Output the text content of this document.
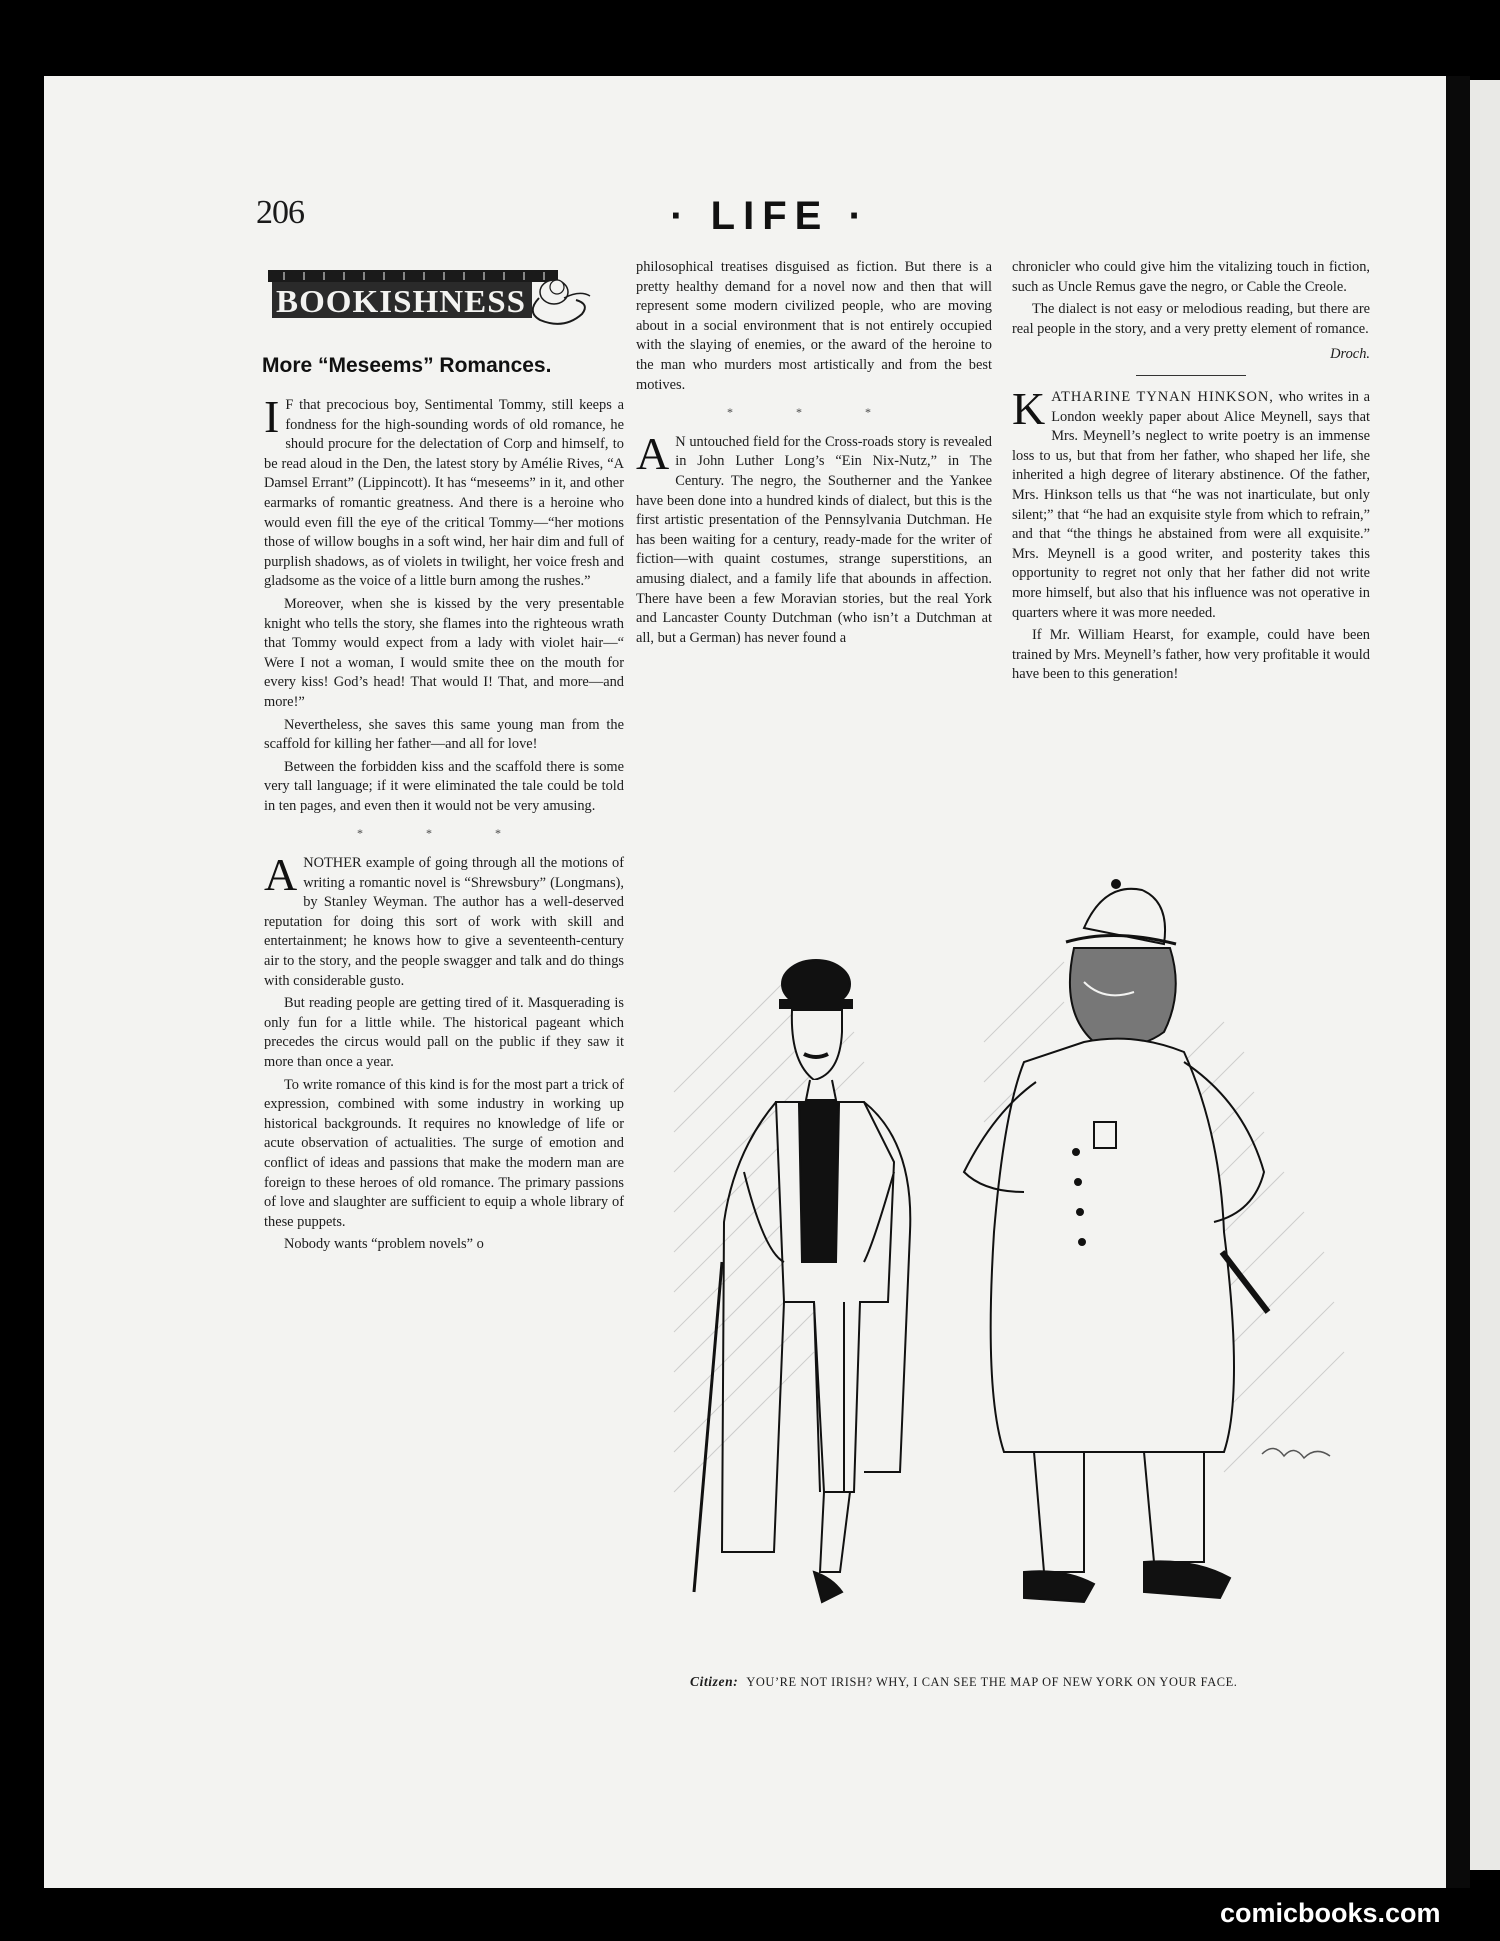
206	· LIFE ·
BOOKISHNESS
More “Meseems” Romances.

I F that precocious boy, Sentimental Tommy, still keeps a fondness for the high-sounding words of old romance, he should procure for the delectation of Corp and himself, to be read aloud in the Den, the latest story by Amélie Rives, “A Damsel Errant” (Lippincott). It has “meseems” in it, and other earmarks of romantic greatness. And there is a heroine who would even fill the eye of the critical Tommy—“her motions those of willow boughs in a soft wind, her hair dim and full of purplish shadows, as of violets in twilight, her voice fresh and gladsome as the voice of a little burn among the rushes.”

Moreover, when she is kissed by the very presentable knight who tells the story, she flames into the righteous wrath that Tommy would expect from a lady with violet hair—“ Were I not a woman, I would smite thee on the mouth for every kiss! God’s head! That would I! That, and more—and more!”

Nevertheless, she saves this same young man from the scaffold for killing her father—and all for love!

Between the forbidden kiss and the scaffold there is some very tall language; if it were eliminated the tale could be told in ten pages, and even then it would not be very amusing.

* * *

ANOTHER example of going through all the motions of writing a romantic novel is “Shrewsbury” (Longmans), by Stanley Weyman. The author has a well-deserved reputation for doing this sort of work with skill and entertainment; he knows how to give a seventeenth-century air to the story, and the people swagger and talk and do things with considerable gusto.

But reading people are getting tired of it. Masquerading is only fun for a little while. The historical pageant which precedes the circus would pall on the public if they saw it more than once a year.

To write romance of this kind is for the most part a trick of expression, combined with some industry in working up historical backgrounds. It requires no knowledge of life or acute observation of actualities. The surge of emotion and conflict of ideas and passions that make the modern man are foreign to these heroes of old romance. The primary passions of love and slaughter are sufficient to equip a whole library of these puppets.

Nobody wants “problem novels” o

philosophical treatises disguised as fiction. But there is a pretty healthy demand for a novel now and then that will represent some modern civilized people, who are moving about in a social environment that is not entirely occupied with the slaying of enemies, or the award of the heroine to the man who murders most artistically and from the best motives.

* * *

A N untouched field for the Cross-roads story is revealed in John Luther Long’s “Ein Nix-Nutz,” in The Century. The negro, the Southerner and the Yankee have been done into a hundred kinds of dialect, but this is the first artistic presentation of the Pennsylvania Dutchman. He has been waiting for a century, ready-made for the writer of fiction—with quaint costumes, strange superstitions, an amusing dialect, and a family life that abounds in affection. There have been a few Moravian stories, but the real York and Lancaster County Dutchman (who isn’t a Dutchman at all, but a German) has never found a

chronicler who could give him the vitalizing touch in fiction, such as Uncle Remus gave the negro, or Cable the Creole.

The dialect is not easy or melodious reading, but there are real people in the story, and a very pretty element of romance.

Droch.

KATHARINE TYNAN HINKSON, who writes in a London weekly paper about Alice Meynell, says that Mrs. Meynell’s neglect to write poetry is an immense loss to us, but that from her father, who shaped her life, she inherited a high degree of literary abstinence. Of the father, Mrs. Hinkson tells us that “he was not inarticulate, but only silent;” that “he had an exquisite style from which to refrain,” and that “the things he abstained from were all exquisite.” Mrs. Meynell is a good writer, and posterity takes this opportunity to regret not only that her father did not write more himself, but also that his influence was not operative in quarters where it was more needed.

If Mr. William Hearst, for example, could have been trained by Mrs. Meynell’s father, how very profitable it would have been to this generation!

Citizen: YOU’RE NOT IRISH? WHY, I CAN SEE THE MAP OF NEW YORK ON YOUR FACE.
comicbooks.com
